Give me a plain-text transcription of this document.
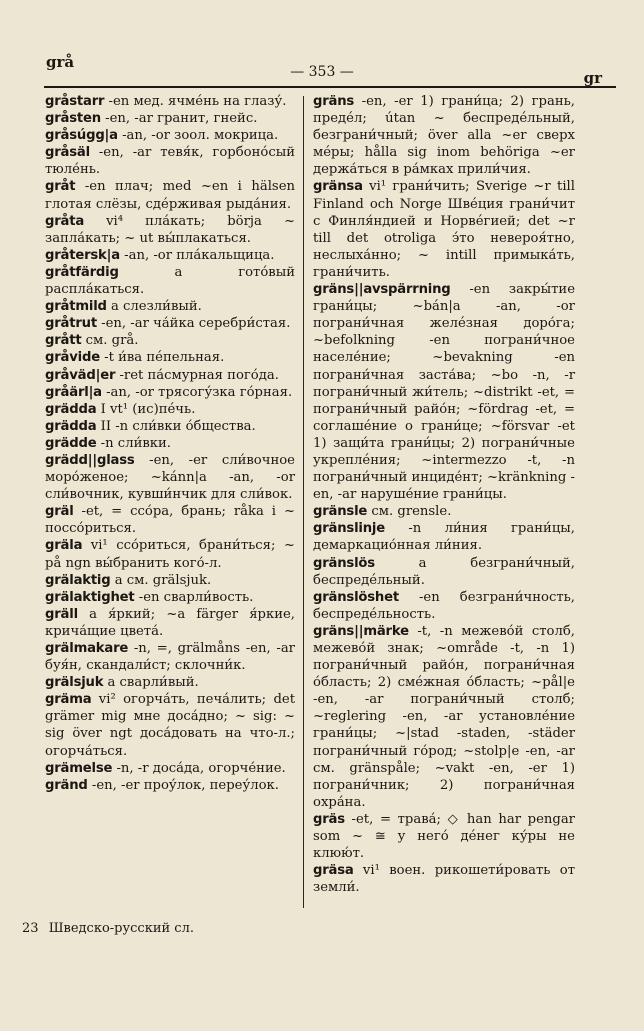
grå
— 353 —	gr

gråstarr -en мед. ячмéнь на глазу́.

gråsten -en, -ar гранит, гнейс.

gråsúgg|a -an, -or зоол. мокрица.

gråsäl -en, -ar тевя́к, горбоно́сый тюле́нь.

gråt -en плач; med ~en i hälsen глотая слёзы, сдéрживая рыда́ния.

gråta vi⁴ пла́кать; börja ~ запла́кать; ~ ut вы́плакаться.

gråtersk|a -an, -or пла́кальщица.

gråtfärdig a гото́вый распла́каться.

gråtmild a слезли́вый.

gråtrut -en, -ar ча́йка серебри́стая.

grått см. grå.

gråvide -t и́ва пéпельная.

gråväd|er -ret па́смурная пого́да.

gråärl|a -an, -or трясогу́зка го́рная.

grädda I vt¹ (ис)пéчь.

grädda II -n сли́вки о́бщества.

grädde -n сли́вки.

grädd||glass -en, -er сли́вочное моро́женое; ~kánn|a -an, -or сли́вочник, кувши́нчик для сли́вок.

gräl -et, = ссо́ра, брань; råka i ~ поссо́риться.

gräla vi¹ ссо́риться, брани́ться; ~ på ngn вы́бранить кого́-л.

grälaktig a см. grälsjuk.

grälaktighet -en сварли́вость.

gräll a я́ркий; ~a färger я́ркие, крича́щие цвета́.

grälmakare -n, =, grälmåns -en, -ar буя́н, скандали́ст; склочни́к.

grälsjuk a сварли́вый.

gräma vi² огорча́ть, печа́лить; det grämer mig мне доса́дно; ~ sig: ~ sig över ngt доса́довать на что-л.; огорча́ться.

grämelse -n, -r доса́да, огорче́ние.

gränd -en, -er проу́лок, переу́лок.

gräns -en, -er 1) грани́ца; 2) грань, предéл; útan ~ беспредéльный, безграни́чный; över alla ~er сверх мéры; hålla sig inom behöriga ~er держа́ться в ра́мках прили́чия.

gränsa vi¹ грани́чить; Sverige ~r till Finland och Norge Швéция грани́чит с Финля́ндией и Норвéгией; det ~r till det otroliga э́то невероя́тно, неслыха́нно; ~ intill примыка́ть, грани́чить.

gräns||avspärrning -en закры́тие грани́цы; ~bán|a -an, -or пограни́чная желéзная доро́га; ~befolkning -en пограни́чное населе́ние; ~bevakning -en пограни́чная заста́ва; ~bo -n, -r пограни́чный жи́тель; ~distrikt -et, = пограни́чный райо́н; ~fördrag -et, = соглашéние о грани́це; ~försvar -et 1) защи́та грани́цы; 2) пограни́чные укреплéния; ~intermezzo -t, -n пограни́чный инциде́нт; ~kränkning -en, -ar наруше́ние грани́цы.

gränsle см. grensle.

gränslinje -n ли́ния грани́цы, демаркацио́нная ли́ния.

gränslös a безграни́чный, беспредéльный.

gränslöshet -en безграни́чность, беспредéльность.

gräns||märke -t, -n межево́й столб, межево́й знак; ~område -t, -n 1) пограни́чный райо́н, пограни́чная о́бласть; 2) смéжная о́бласть; ~pål|e -en, -ar пограни́чный столб; ~reglering -en, -ar установле́ние грани́цы; ~|stad -staden, -städer пограни́чный го́род; ~stolp|e -en, -ar см. gränspåle; ~vakt -en, -er 1) пограни́чник; 2) пограни́чная охра́на.

gräs -et, = трава́; ◇ han har pengar som ~ ≅ у него́ дéнег ку́ры не клюю́т.

gräsa vi¹ воен. рикошети́ровать от земли́.

23 Шведско-русский сл.
